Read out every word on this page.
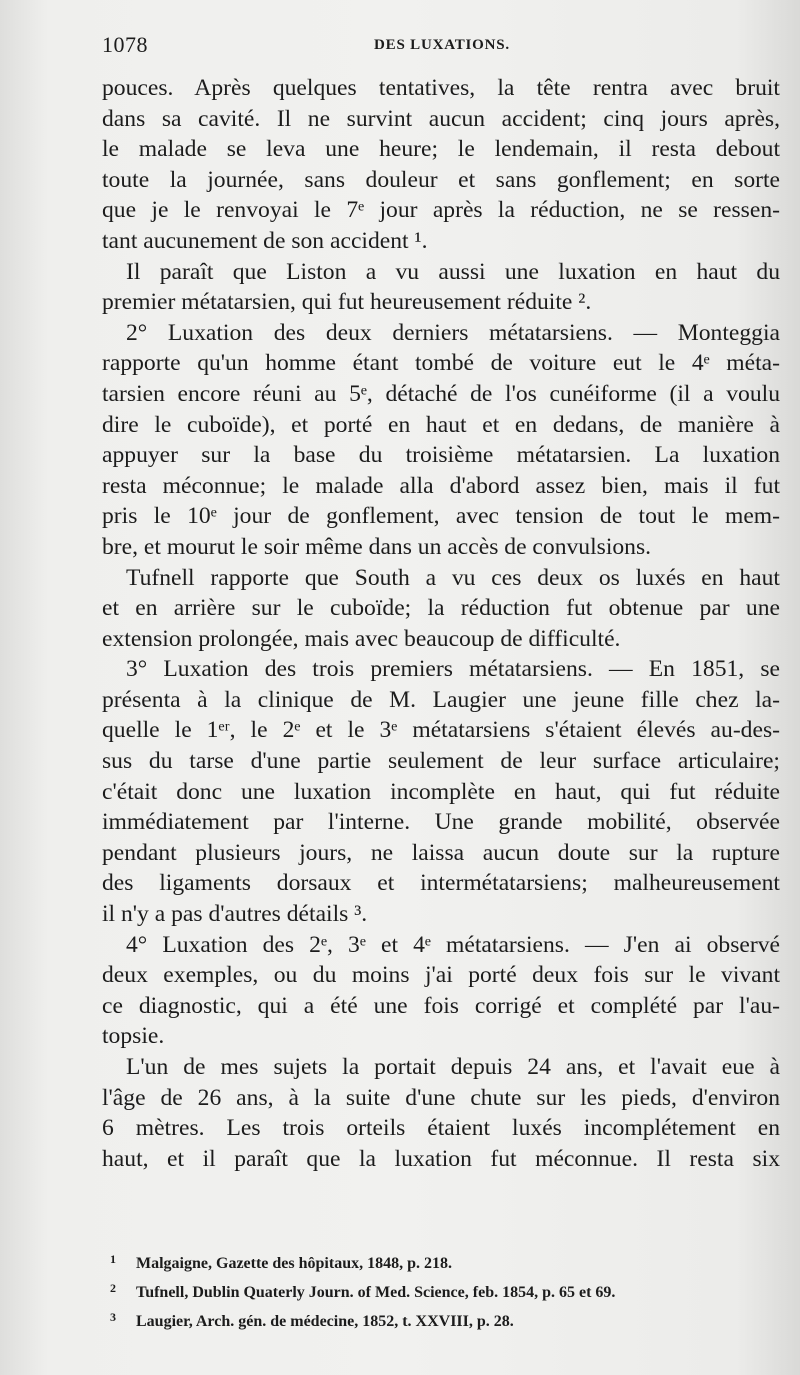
1078	DES LUXATIONS.
pouces. Après quelques tentatives, la tête rentra avec bruit
dans sa cavité. Il ne survint aucun accident; cinq jours après,
le malade se leva une heure; le lendemain, il resta debout
toute la journée, sans douleur et sans gonflement; en sorte
que je le renvoyai le 7ᵉ jour après la réduction, ne se ressen-
tant aucunement de son accident ¹.
Il paraît que Liston a vu aussi une luxation en haut du
premier métatarsien, qui fut heureusement réduite ².
2° Luxation des deux derniers métatarsiens. — Monteggia
rapporte qu'un homme étant tombé de voiture eut le 4ᵉ méta-
tarsien encore réuni au 5ᵉ, détaché de l'os cunéiforme (il a voulu
dire le cuboïde), et porté en haut et en dedans, de manière à
appuyer sur la base du troisième métatarsien. La luxation
resta méconnue; le malade alla d'abord assez bien, mais il fut
pris le 10ᵉ jour de gonflement, avec tension de tout le mem-
bre, et mourut le soir même dans un accès de convulsions.
Tufnell rapporte que South a vu ces deux os luxés en haut
et en arrière sur le cuboïde; la réduction fut obtenue par une
extension prolongée, mais avec beaucoup de difficulté.
3° Luxation des trois premiers métatarsiens. — En 1851, se
présenta à la clinique de M. Laugier une jeune fille chez la-
quelle le 1ᵉʳ, le 2ᵉ et le 3ᵉ métatarsiens s'étaient élevés au-des-
sus du tarse d'une partie seulement de leur surface articulaire;
c'était donc une luxation incomplète en haut, qui fut réduite
immédiatement par l'interne. Une grande mobilité, observée
pendant plusieurs jours, ne laissa aucun doute sur la rupture
des ligaments dorsaux et intermétatarsiens; malheureusement
il n'y a pas d'autres détails ³.
4° Luxation des 2ᵉ, 3ᵉ et 4ᵉ métatarsiens. — J'en ai observé
deux exemples, ou du moins j'ai porté deux fois sur le vivant
ce diagnostic, qui a été une fois corrigé et complété par l'au-
topsie.
L'un de mes sujets la portait depuis 24 ans, et l'avait eue à
l'âge de 26 ans, à la suite d'une chute sur les pieds, d'environ
6 mètres. Les trois orteils étaient luxés incomplétement en
haut, et il paraît que la luxation fut méconnue. Il resta six
1 Malgaigne, Gazette des hôpitaux, 1848, p. 218.
2 Tufnell, Dublin Quaterly Journ. of Med. Science, feb. 1854, p. 65 et 69.
3 Laugier, Arch. gén. de médecine, 1852, t. XXVIII, p. 28.
